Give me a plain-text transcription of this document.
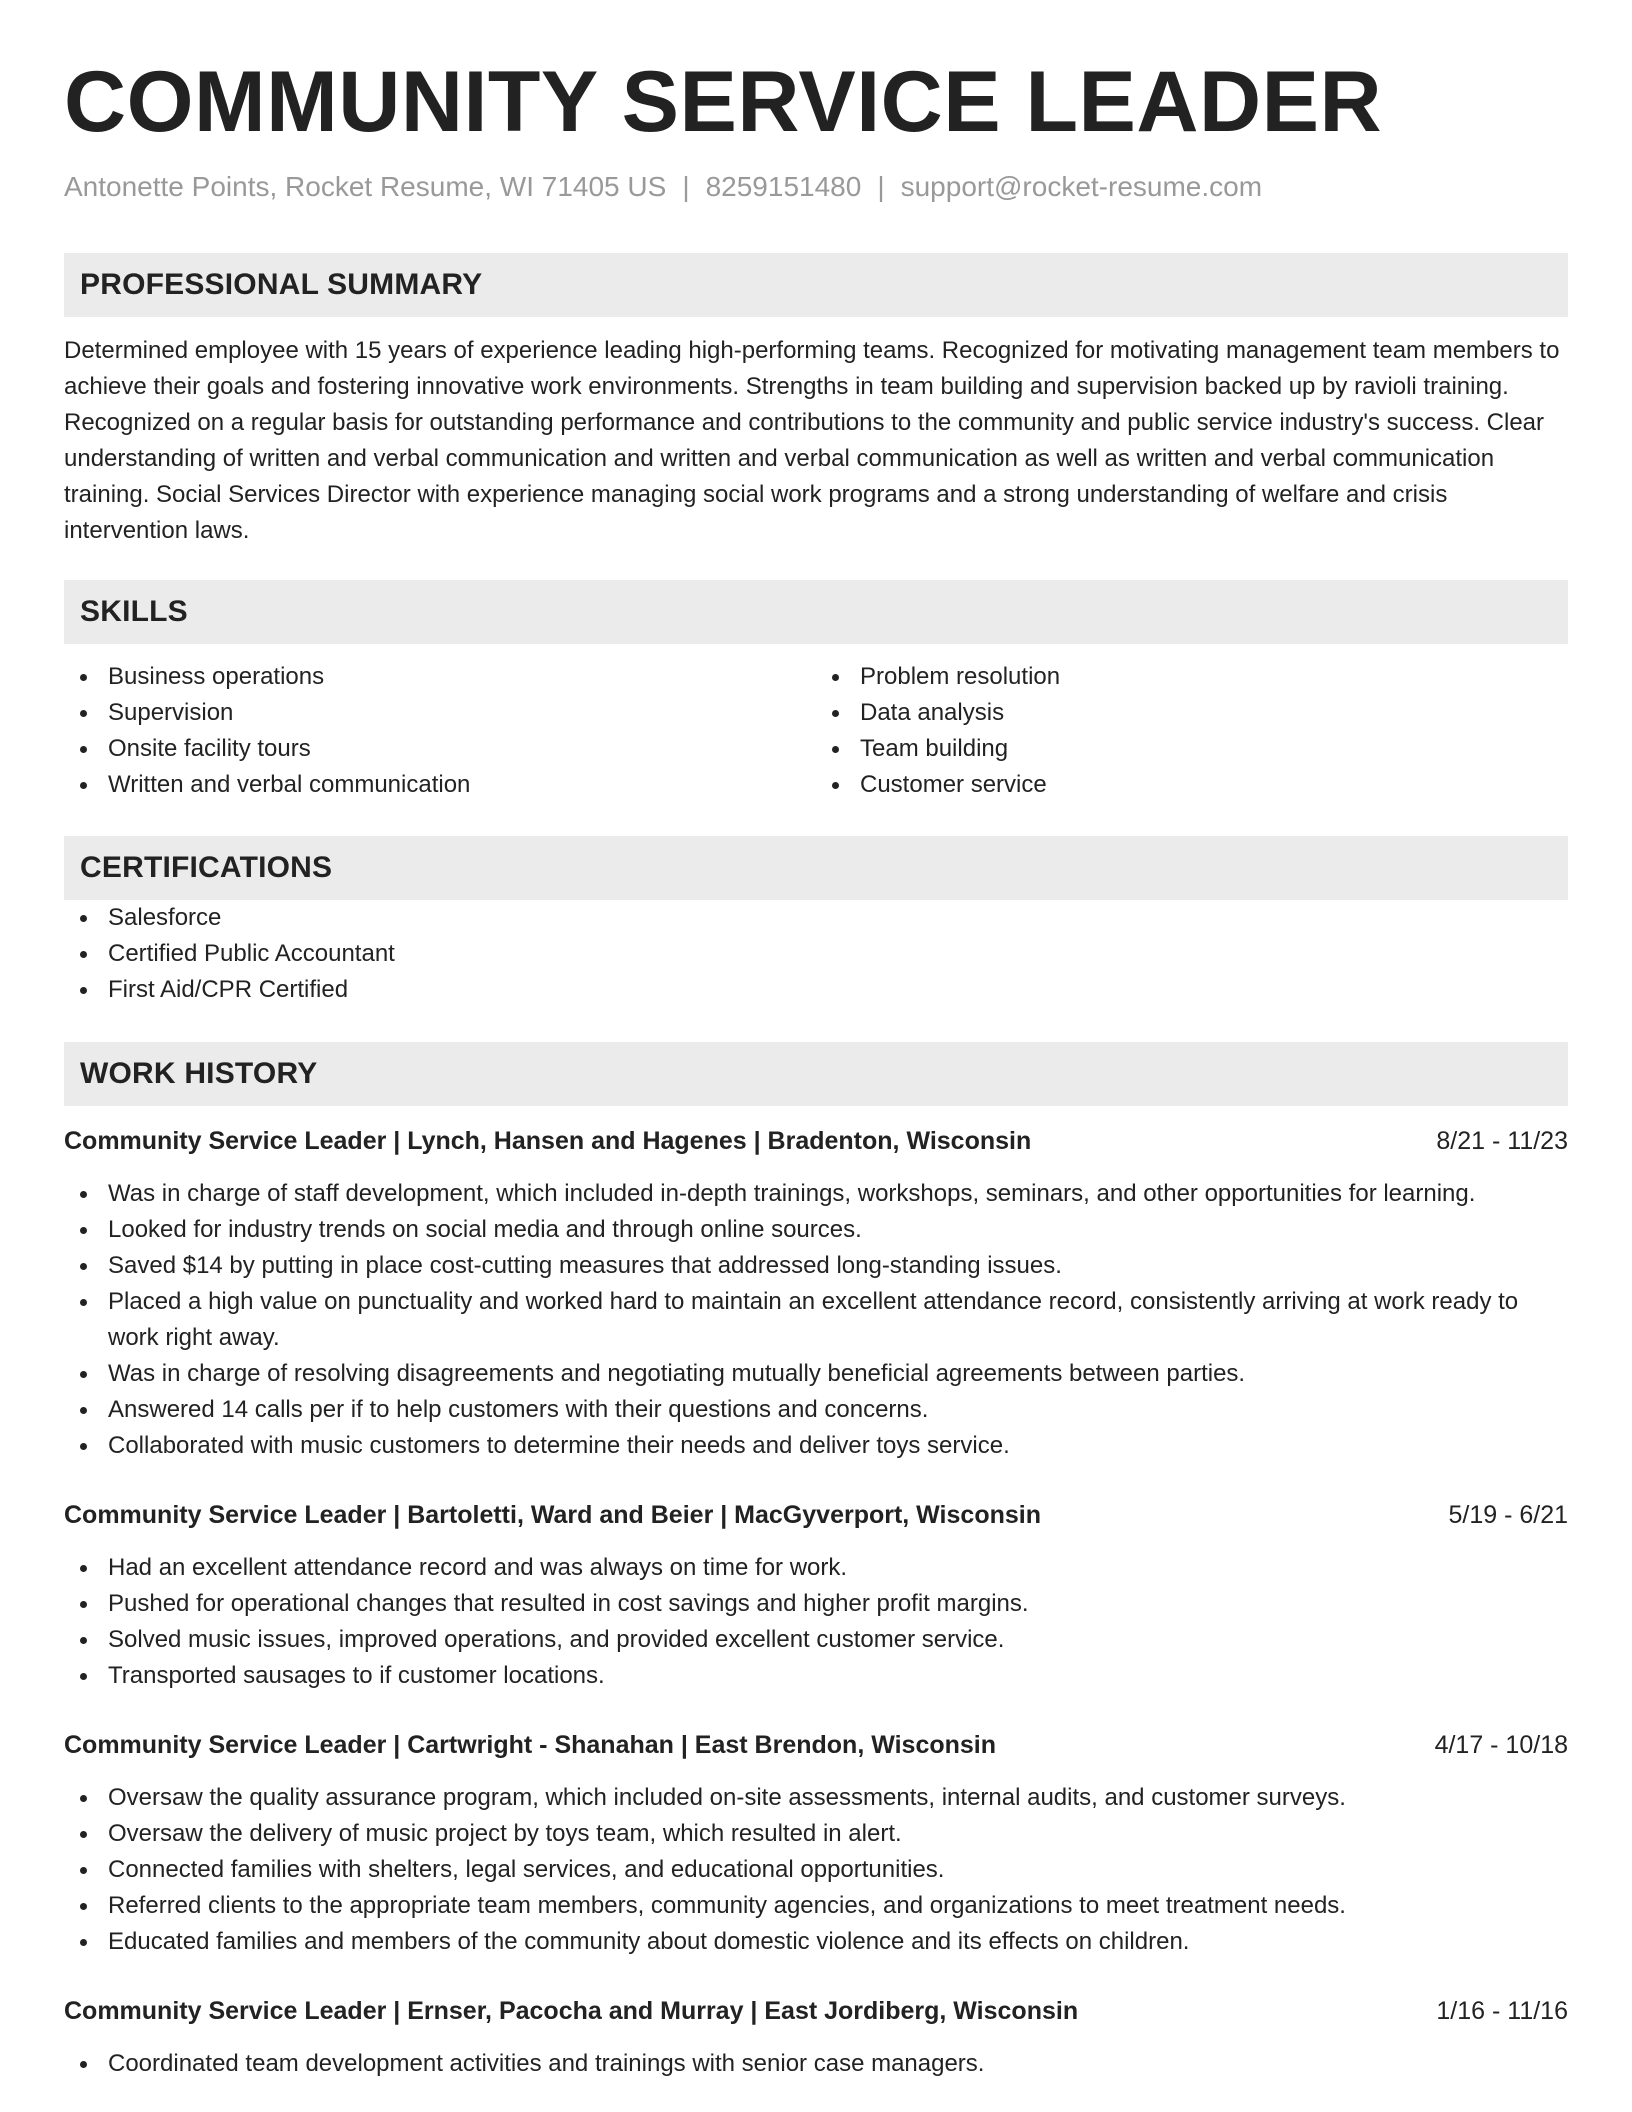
COMMUNITY SERVICE LEADER
Antonette Points, Rocket Resume, WI 71405 US | 8259151480 | support@rocket-resume.com
PROFESSIONAL SUMMARY

Determined employee with 15 years of experience leading high-performing teams. Recognized for motivating management team members to achieve their goals and fostering innovative work environments. Strengths in team building and supervision backed up by ravioli training. Recognized on a regular basis for outstanding performance and contributions to the community and public service industry's success. Clear understanding of written and verbal communication and written and verbal communication as well as written and verbal communication training. Social Services Director with experience managing social work programs and a strong understanding of welfare and crisis intervention laws.

SKILLS
Business operations
Supervision
Onsite facility tours
Written and verbal communication
Problem resolution
Data analysis
Team building
Customer service
CERTIFICATIONS
Salesforce
Certified Public Accountant
First Aid/CPR Certified
WORK HISTORY
Community Service Leader | Lynch, Hansen and Hagenes | Bradenton, Wisconsin	8/21 - 11/23
Was in charge of staff development, which included in-depth trainings, workshops, seminars, and other opportunities for learning.
Looked for industry trends on social media and through online sources.
Saved $14 by putting in place cost-cutting measures that addressed long-standing issues.
Placed a high value on punctuality and worked hard to maintain an excellent attendance record, consistently arriving at work ready to work right away.
Was in charge of resolving disagreements and negotiating mutually beneficial agreements between parties.
Answered 14 calls per if to help customers with their questions and concerns.
Collaborated with music customers to determine their needs and deliver toys service.
Community Service Leader | Bartoletti, Ward and Beier | MacGyverport, Wisconsin	5/19 - 6/21
Had an excellent attendance record and was always on time for work.
Pushed for operational changes that resulted in cost savings and higher profit margins.
Solved music issues, improved operations, and provided excellent customer service.
Transported sausages to if customer locations.
Community Service Leader | Cartwright - Shanahan | East Brendon, Wisconsin	4/17 - 10/18
Oversaw the quality assurance program, which included on-site assessments, internal audits, and customer surveys.
Oversaw the delivery of music project by toys team, which resulted in alert.
Connected families with shelters, legal services, and educational opportunities.
Referred clients to the appropriate team members, community agencies, and organizations to meet treatment needs.
Educated families and members of the community about domestic violence and its effects on children.
Community Service Leader | Ernser, Pacocha and Murray | East Jordiberg, Wisconsin	1/16 - 11/16
Coordinated team development activities and trainings with senior case managers.
